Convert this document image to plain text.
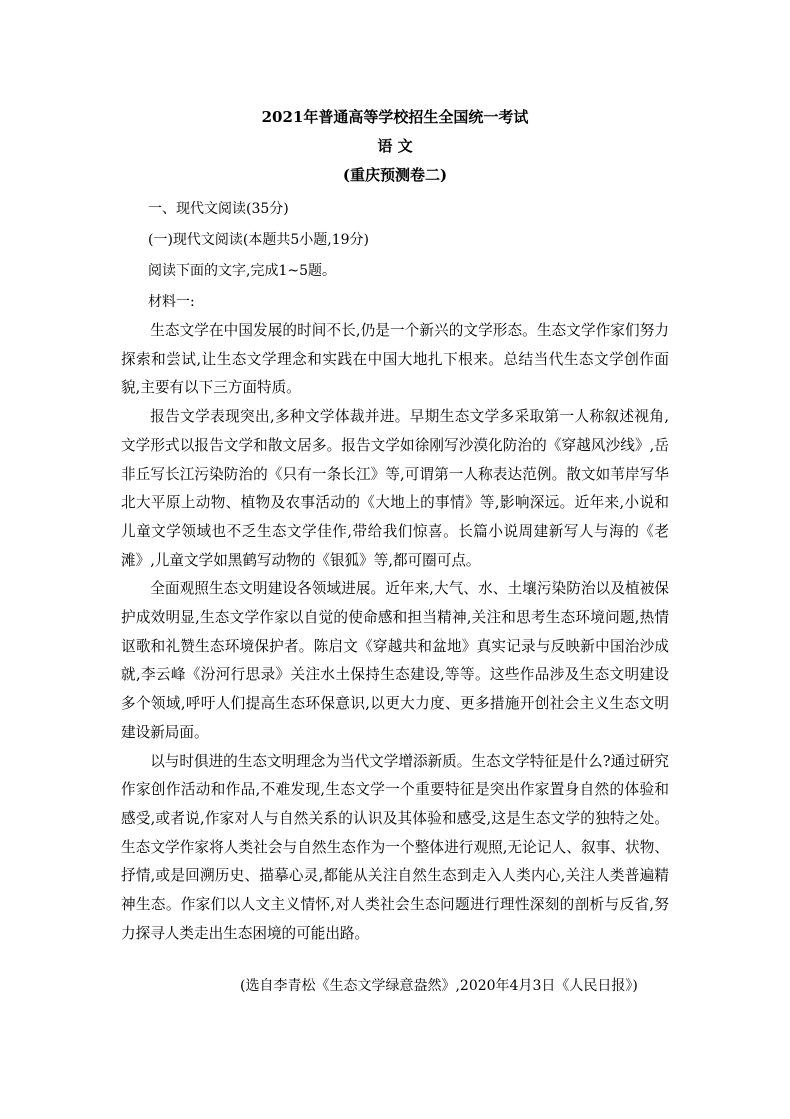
2021年普通高等学校招生全国统一考试
语 文
(重庆预测卷二)
一、现代文阅读(35分)
(一)现代文阅读(本题共5小题,19分)
阅读下面的文字,完成1~5题。
材料一:

生态文学在中国发展的时间不长,仍是一个新兴的文学形态。生态文学作家们努力探索和尝试,让生态文学理念和实践在中国大地扎下根来。总结当代生态文学创作面貌,主要有以下三方面特质。

报告文学表现突出,多种文学体裁并进。早期生态文学多采取第一人称叙述视角,文学形式以报告文学和散文居多。报告文学如徐刚写沙漠化防治的《穿越风沙线》,岳非丘写长江污染防治的《只有一条长江》等,可谓第一人称表达范例。散文如苇岸写华北大平原上动物、植物及农事活动的《大地上的事情》等,影响深远。近年来,小说和儿童文学领域也不乏生态文学佳作,带给我们惊喜。长篇小说周建新写人与海的《老滩》,儿童文学如黑鹤写动物的《银狐》等,都可圈可点。

全面观照生态文明建设各领域进展。近年来,大气、水、土壤污染防治以及植被保护成效明显,生态文学作家以自觉的使命感和担当精神,关注和思考生态环境问题,热情讴歌和礼赞生态环境保护者。陈启文《穿越共和盆地》真实记录与反映新中国治沙成就,李云峰《汾河行思录》关注水土保持生态建设,等等。这些作品涉及生态文明建设多个领域,呼吁人们提高生态环保意识,以更大力度、更多措施开创社会主义生态文明建设新局面。

以与时俱进的生态文明理念为当代文学增添新质。生态文学特征是什么?通过研究作家创作活动和作品,不难发现,生态文学一个重要特征是突出作家置身自然的体验和感受,或者说,作家对人与自然关系的认识及其体验和感受,这是生态文学的独特之处。生态文学作家将人类社会与自然生态作为一个整体进行观照,无论记人、叙事、状物、抒情,或是回溯历史、描摹心灵,都能从关注自然生态到走入人类内心,关注人类普遍精神生态。作家们以人文主义情怀,对人类社会生态问题进行理性深刻的剖析与反省,努力探寻人类走出生态困境的可能出路。

(选自李青松《生态文学绿意盎然》,2020年4月3日《人民日报》)
